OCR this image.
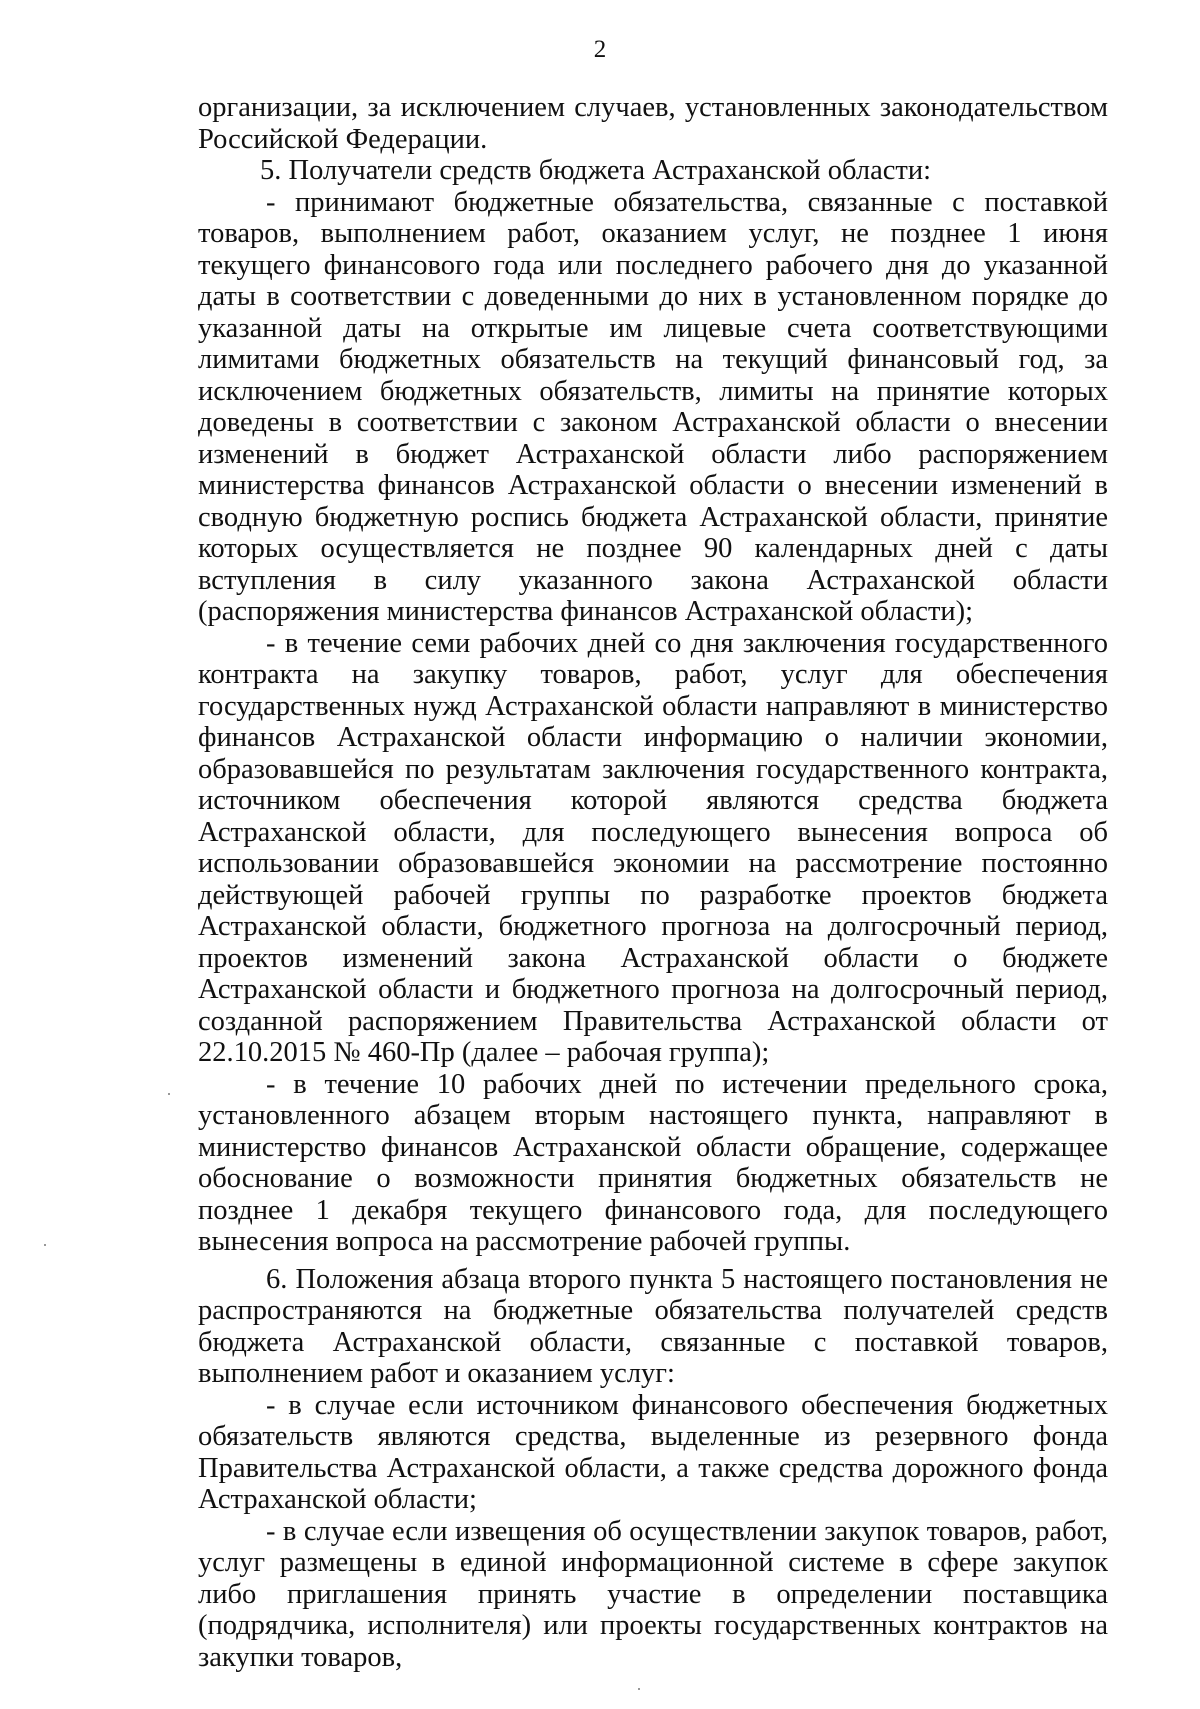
2

организации, за исключением случаев, установленных законодательством Российской Федерации.

5. Получатели средств бюджета Астраханской области:

- принимают бюджетные обязательства, связанные с поставкой товаров, выполнением работ, оказанием услуг, не позднее 1 июня текущего финансового года или последнего рабочего дня до указанной даты в соответствии с доведенными до них в установленном порядке до указанной даты на открытые им лицевые счета соответствующими лимитами бюджетных обязательств на текущий финансовый год, за исключением бюджетных обязательств, лимиты на принятие которых доведены в соответствии с законом Астраханской области о внесении изменений в бюджет Астраханской области либо распоряжением министерства финансов Астраханской области о внесении изменений в сводную бюджетную роспись бюджета Астраханской области, принятие которых осуществляется не позднее 90 календарных дней с даты вступления в силу указанного закона Астраханской области (распоряжения министерства финансов Астраханской области);

- в течение семи рабочих дней со дня заключения государственного контракта на закупку товаров, работ, услуг для обеспечения государственных нужд Астраханской области направляют в министерство финансов Астраханской области информацию о наличии экономии, образовавшейся по результатам заключения государственного контракта, источником обеспечения которой являются средства бюджета Астраханской области, для последующего вынесения вопроса об использовании образовавшейся экономии на рассмотрение постоянно действующей рабочей группы по разработке проектов бюджета Астраханской области, бюджетного прогноза на долгосрочный период, проектов изменений закона Астраханской области о бюджете Астраханской области и бюджетного прогноза на долгосрочный период, созданной распоряжением Правительства Астраханской области от 22.10.2015 № 460-Пр (далее – рабочая группа);

- в течение 10 рабочих дней по истечении предельного срока, установленного абзацем вторым настоящего пункта, направляют в министерство финансов Астраханской области обращение, содержащее обоснование о возможности принятия бюджетных обязательств не позднее 1 декабря текущего финансового года, для последующего вынесения вопроса на рассмотрение рабочей группы.

6. Положения абзаца второго пункта 5 настоящего постановления не распространяются на бюджетные обязательства получателей средств бюджета Астраханской области, связанные с поставкой товаров, выполнением работ и оказанием услуг:

- в случае если источником финансового обеспечения бюджетных обязательств являются средства, выделенные из резервного фонда Правительства Астраханской области, а также средства дорожного фонда Астраханской области;

- в случае если извещения об осуществлении закупок товаров, работ, услуг размещены в единой информационной системе в сфере закупок либо приглашения принять участие в определении поставщика (подрядчика, исполнителя) или проекты государственных контрактов на закупки товаров,
